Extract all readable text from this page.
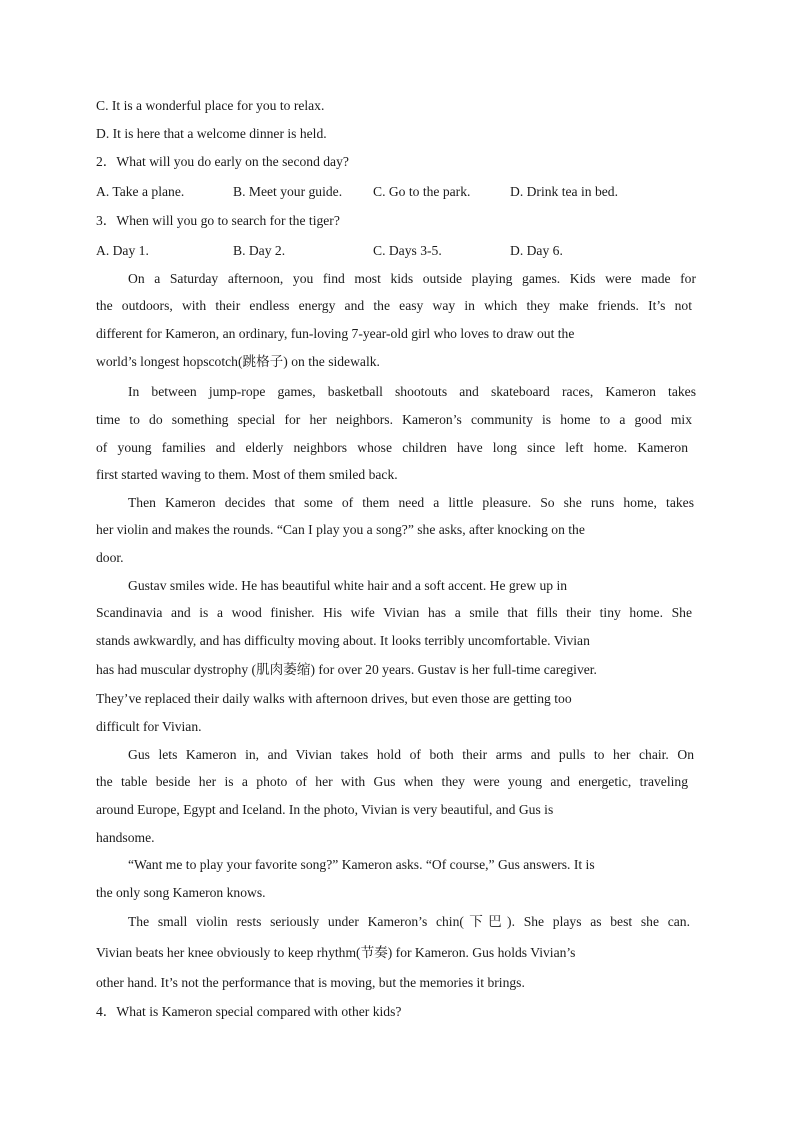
C. It is a wonderful place for you to relax.
D. It is here that a welcome dinner is held.
2．What will you do early on the second day?
A. Take a plane.	B. Meet your guide. C. Go to the park.	D. Drink tea in bed.
3．When will you go to search for the tiger?
A. Day 1.	B. Day 2.	C. Days 3-5.	D. Day 6.
On a Saturday afternoon, you find most kids outside playing games. Kids were made for
the outdoors, with their endless energy and the easy way in which they make friends. It’s not
different for Kameron, an ordinary, fun-loving 7-year-old girl who loves to draw out the
world’s longest hopscotch(跳格子) on the sidewalk.
In between jump-rope games, basketball shootouts and skateboard races, Kameron takes
time to do something special for her neighbors. Kameron’s community is home to a good mix
of young families and elderly neighbors whose children have long since left home. Kameron
first started waving to them. Most of them smiled back.
Then Kameron decides that some of them need a little pleasure. So she runs home, takes
her violin and makes the rounds. “Can I play you a song?” she asks, after knocking on the
door.
Gustav smiles wide. He has beautiful white hair and a soft accent. He grew up in
Scandinavia and is a wood finisher. His wife Vivian has a smile that fills their tiny home. She
stands awkwardly, and has difficulty moving about. It looks terribly uncomfortable. Vivian
has had muscular dystrophy (肌肉萎缩) for over 20 years. Gustav is her full-time caregiver.
They’ve replaced their daily walks with afternoon drives, but even those are getting too
difficult for Vivian.
Gus lets Kameron in, and Vivian takes hold of both their arms and pulls to her chair. On
the table beside her is a photo of her with Gus when they were young and energetic, traveling
around Europe, Egypt and Iceland. In the photo, Vivian is very beautiful, and Gus is
handsome.
“Want me to play your favorite song?” Kameron asks. “Of course,” Gus answers. It is
the only song Kameron knows.
The small violin rests seriously under Kameron’s chin(下巴). She plays as best she can.
Vivian beats her knee obviously to keep rhythm(节奏) for Kameron. Gus holds Vivian’s
other hand. It’s not the performance that is moving, but the memories it brings.
4．What is Kameron special compared with other kids?
